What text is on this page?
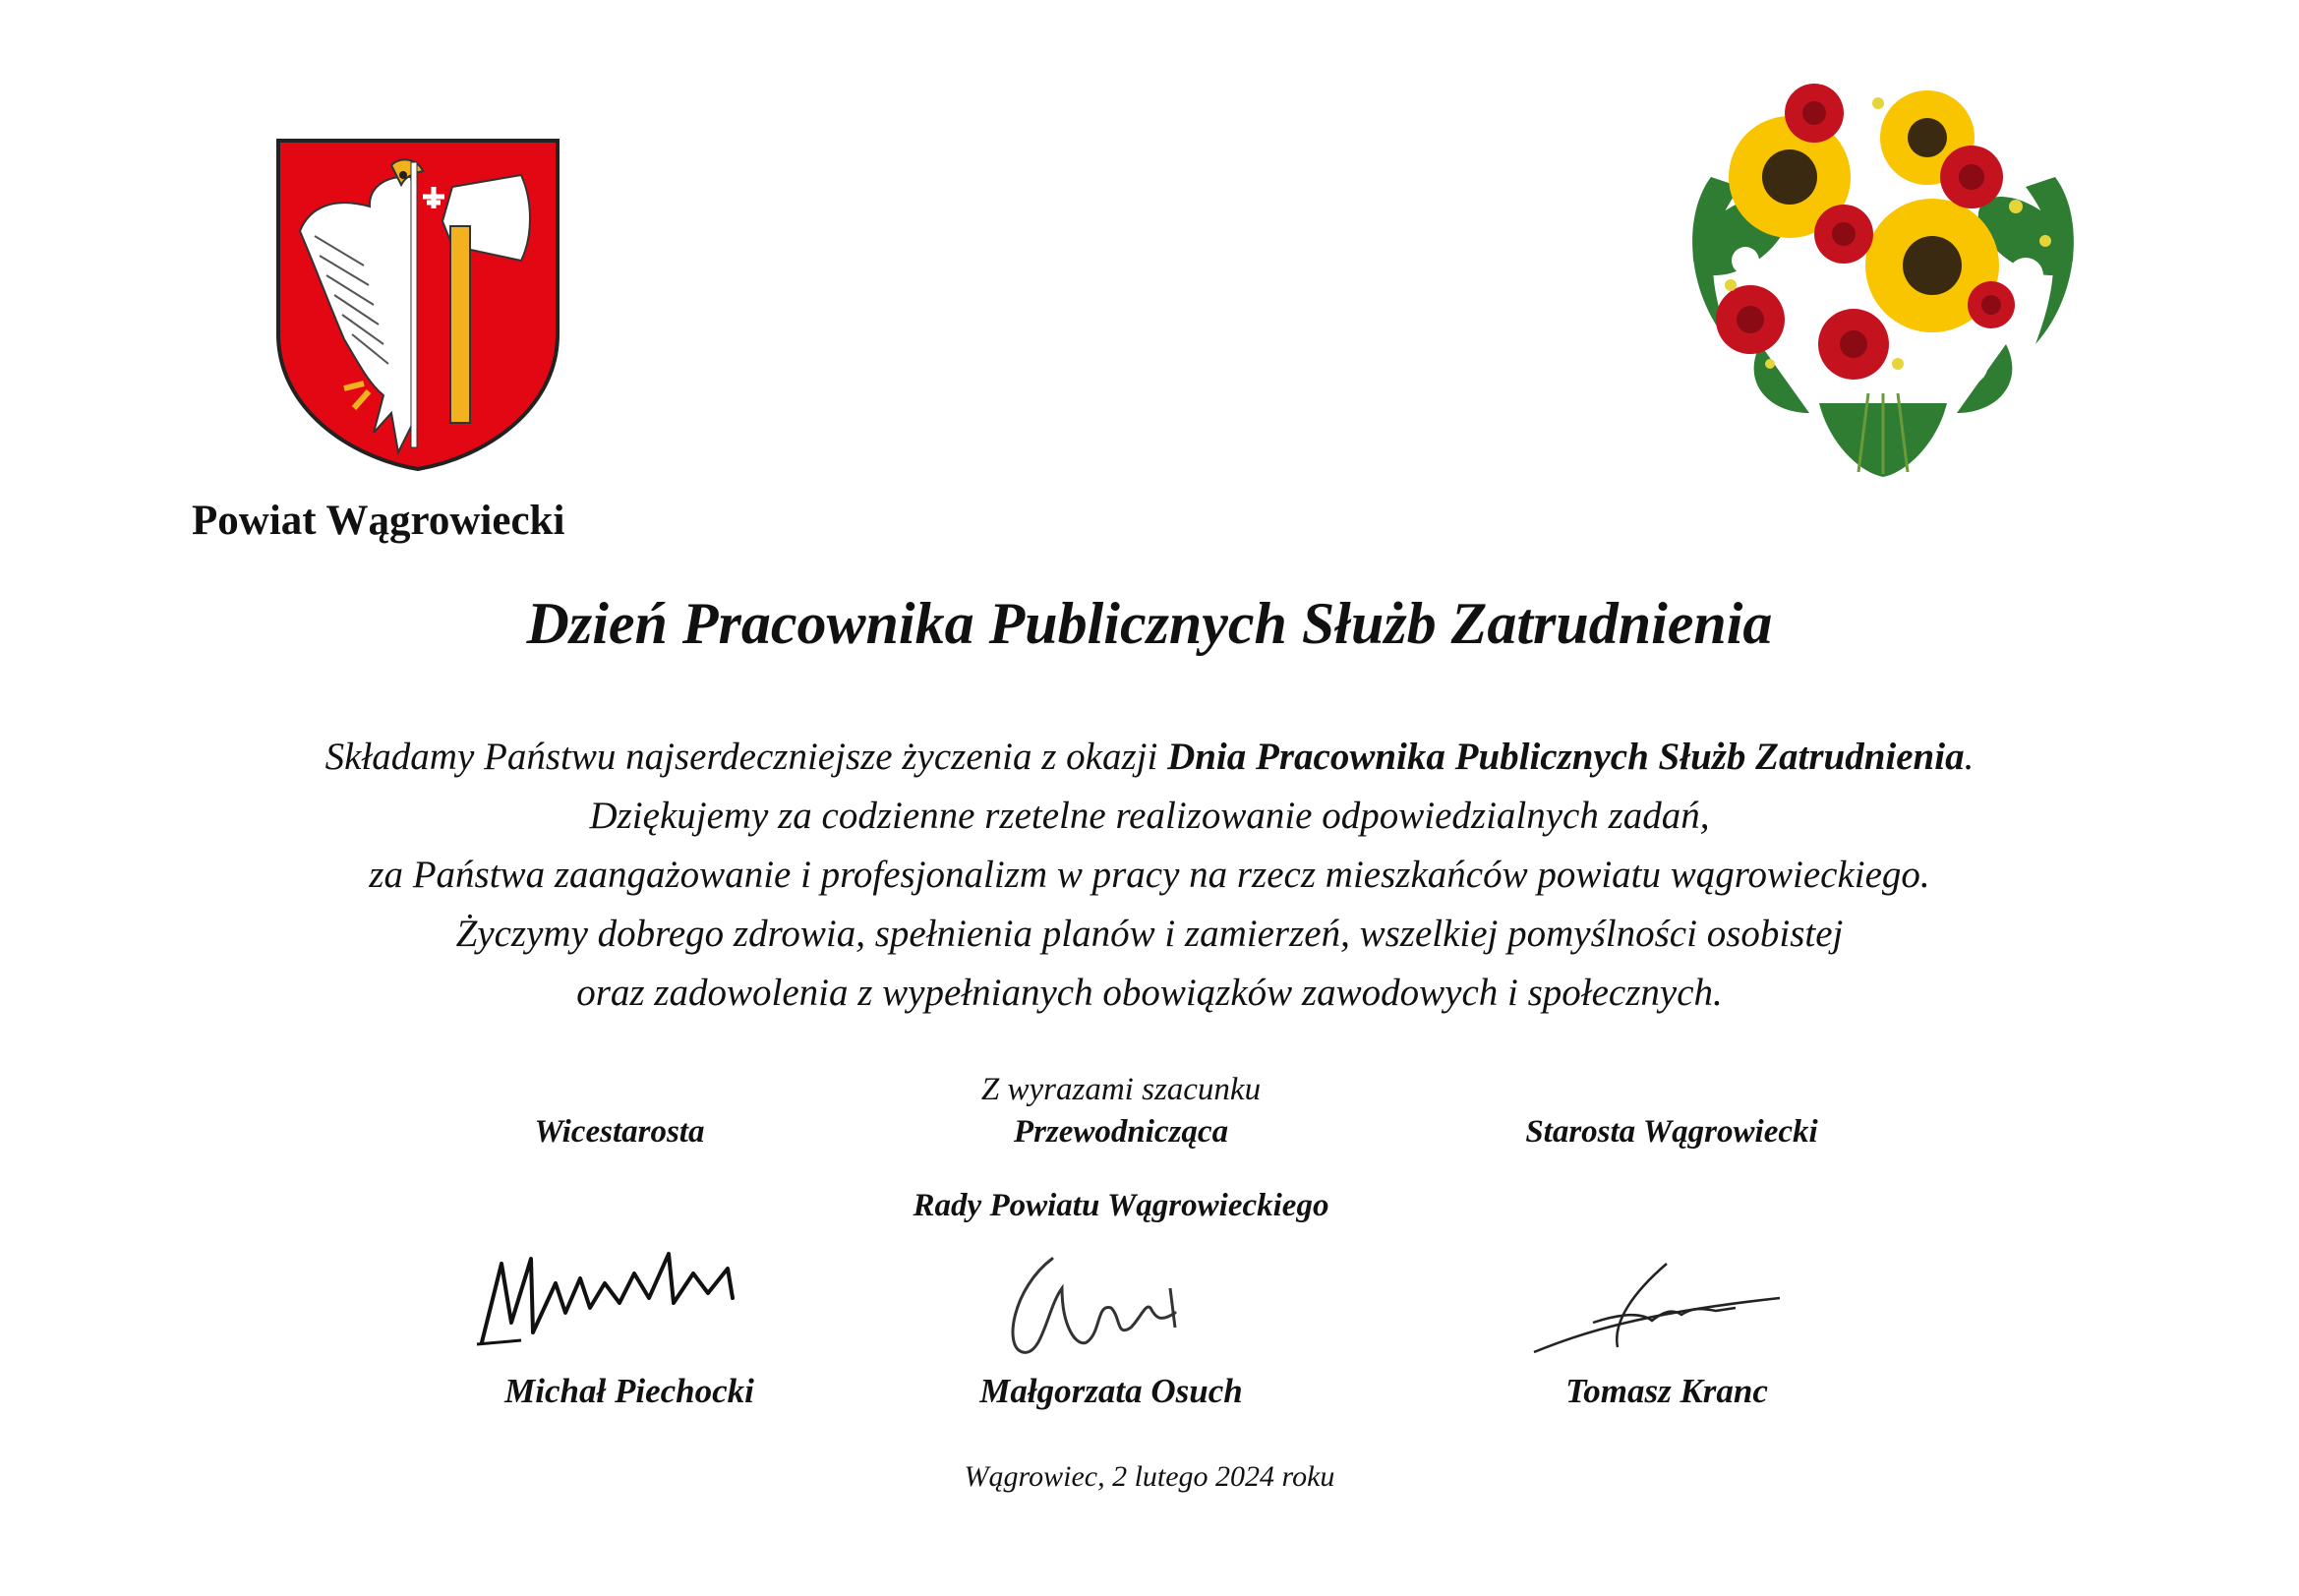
Powiat Wągrowiecki
Dzień Pracownika Publicznych Służb Zatrudnienia
Składamy Państwu najserdeczniejsze życzenia z okazji Dnia Pracownika Publicznych Służb Zatrudnienia.
Dziękujemy za codzienne rzetelne realizowanie odpowiedzialnych zadań,
za Państwa zaangażowanie i profesjonalizm w pracy na rzecz mieszkańców powiatu wągrowieckiego.
Życzymy dobrego zdrowia, spełnienia planów i zamierzeń, wszelkiej pomyślności osobistej
oraz zadowolenia z wypełnianych obowiązków zawodowych i społecznych.
Z wyrazami szacunku
Wicestarosta	Przewodnicząca	Starosta Wągrowiecki
Rady Powiatu Wągrowieckiego
Michał Piechocki	Małgorzata Osuch	Tomasz Kranc
Wągrowiec, 2 lutego 2024 roku
